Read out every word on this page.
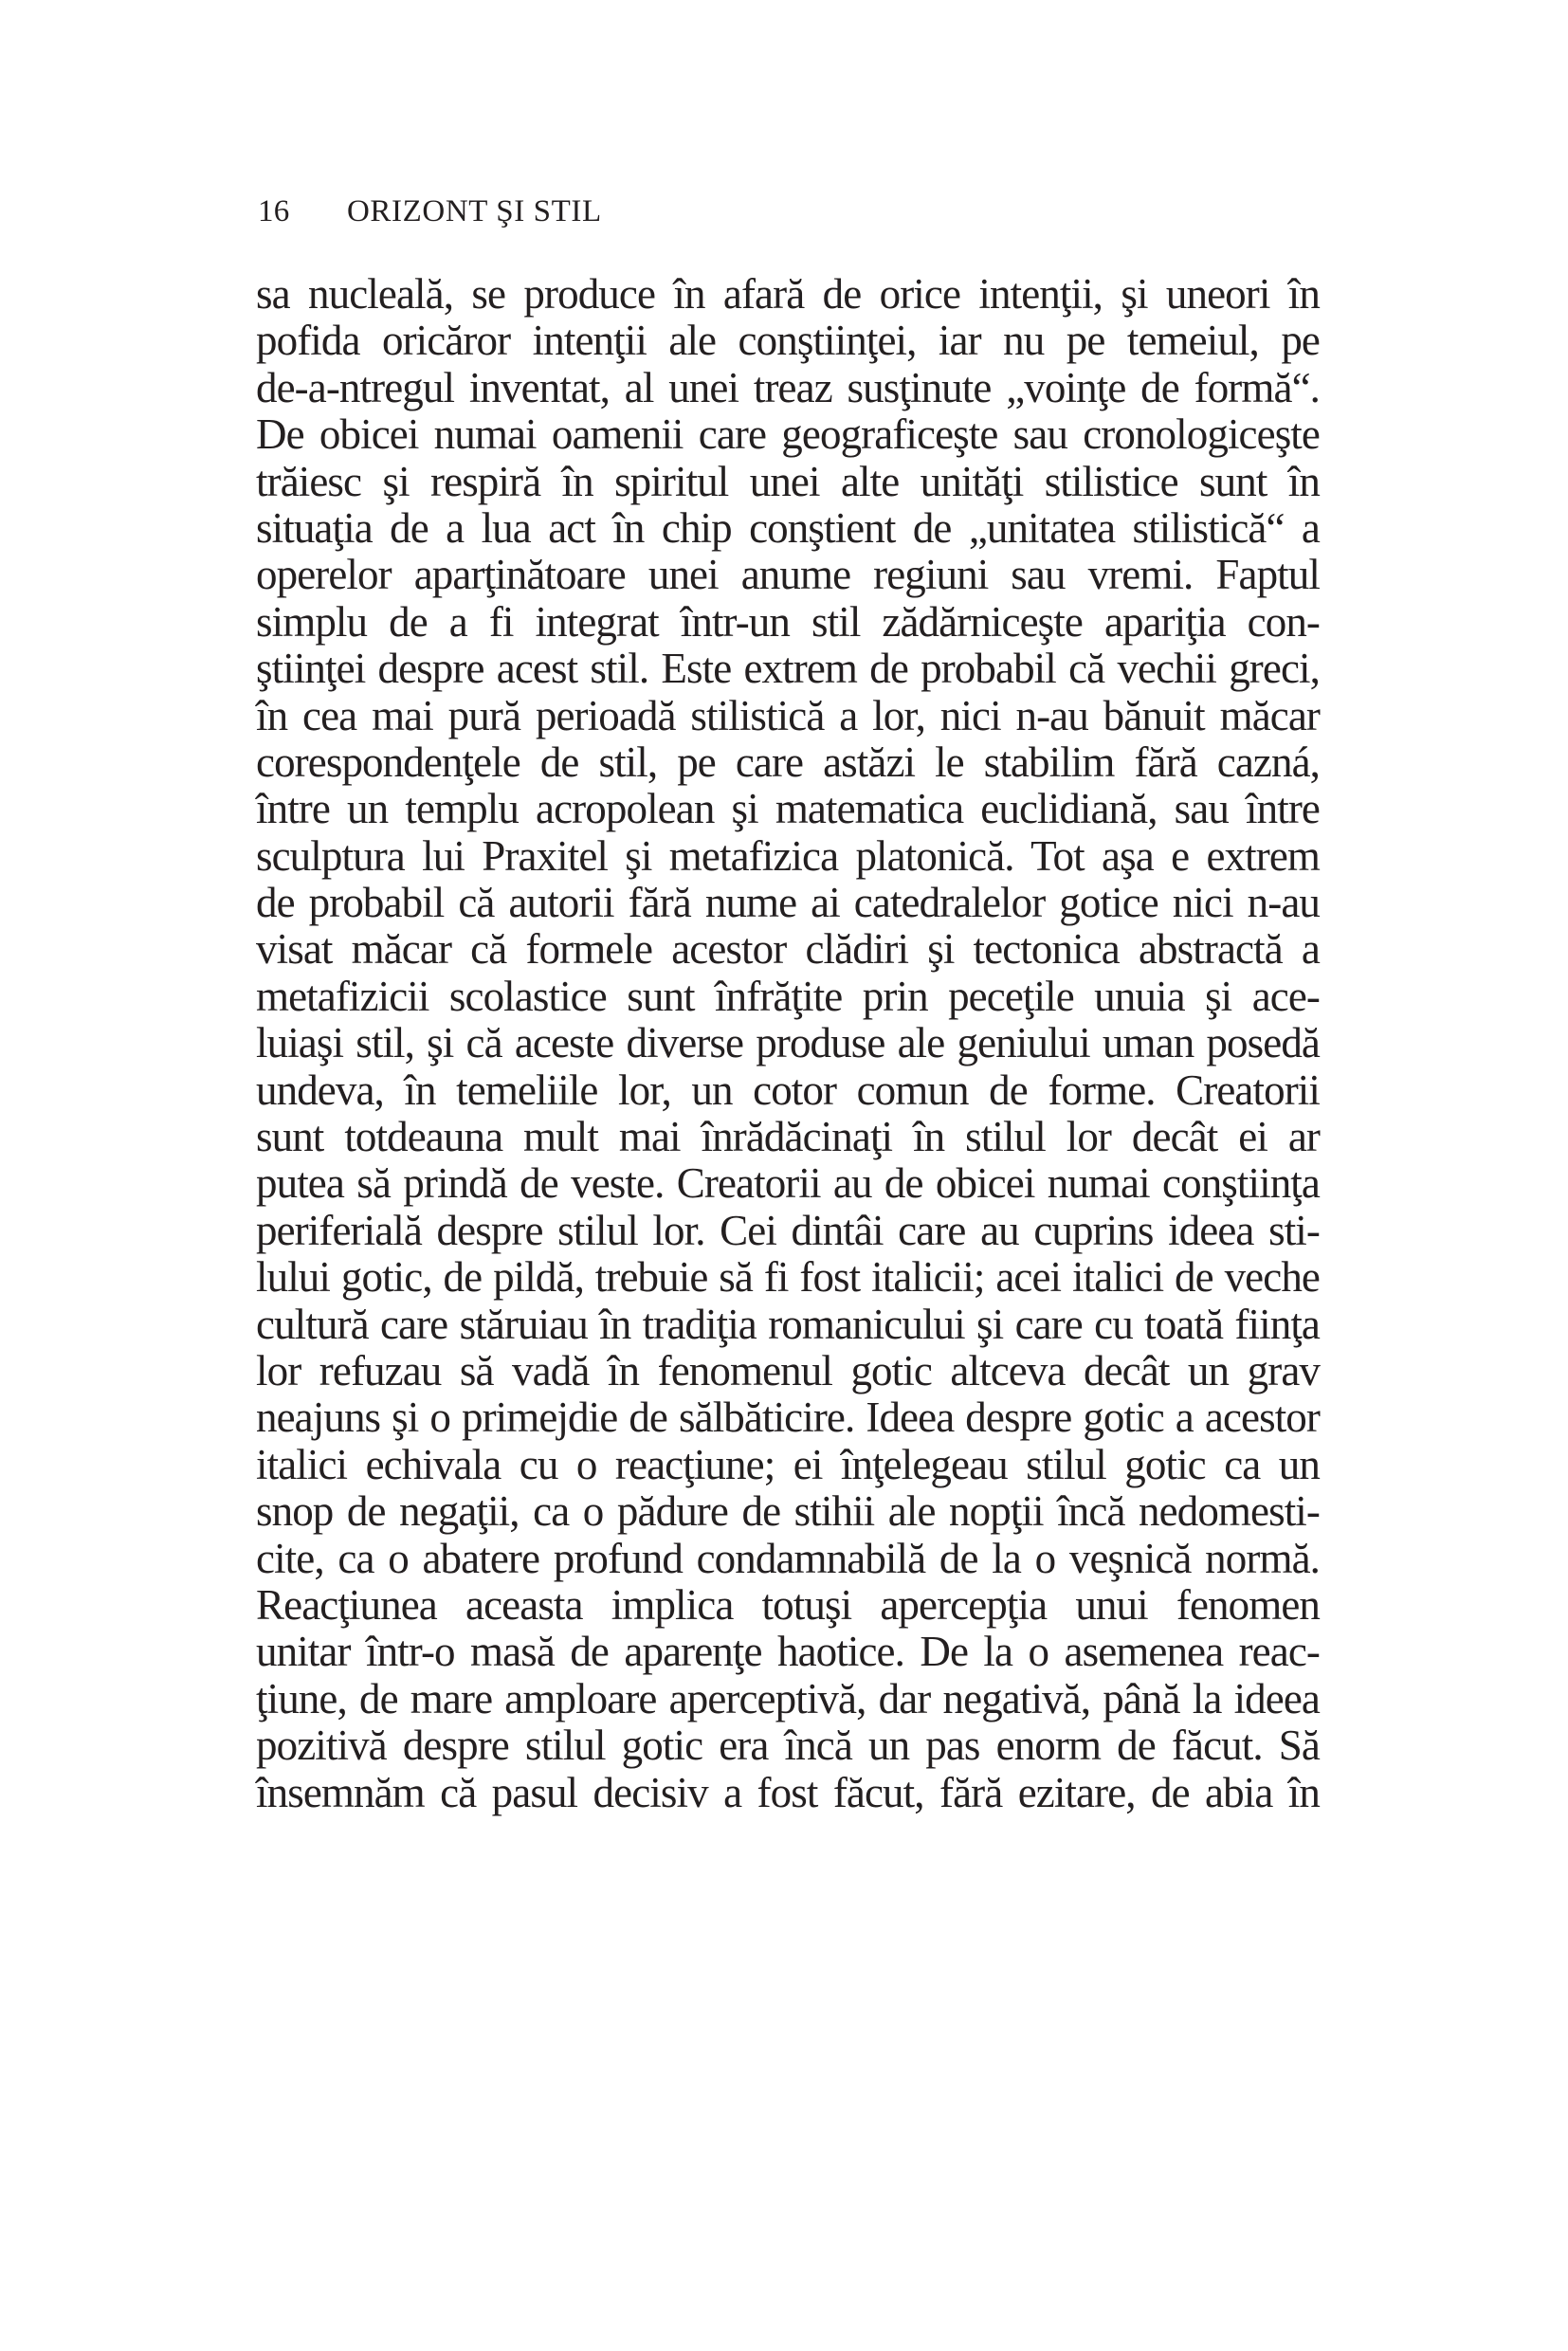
16 ORIZONT ŞI STIL
sa nucleală, se produce în afară de orice intenţii, şi uneori în
pofida oricăror intenţii ale conştiinţei, iar nu pe temeiul, pe
de-a-ntregul inventat, al unei treaz susţinute „voinţe de formă“.
De obicei numai oamenii care geograficeşte sau cronologiceşte
trăiesc şi respiră în spiritul unei alte unităţi stilistice sunt în
situaţia de a lua act în chip conştient de „unitatea stilistică“ a
operelor aparţinătoare unei anume regiuni sau vremi. Faptul
simplu de a fi integrat într-un stil zădărniceşte apariţia con-
ştiinţei despre acest stil. Este extrem de probabil că vechii greci,
în cea mai pură perioadă stilistică a lor, nici n-au bănuit măcar
corespondenţele de stil, pe care astăzi le stabilim fără cazná,
între un templu acropolean şi matematica euclidiană, sau între
sculptura lui Praxitel şi metafizica platonică. Tot aşa e extrem
de probabil că autorii fără nume ai catedralelor gotice nici n-au
visat măcar că formele acestor clădiri şi tectonica abstractă a
metafizicii scolastice sunt înfrăţite prin peceţile unuia şi ace-
luiaşi stil, şi că aceste diverse produse ale geniului uman posedă
undeva, în temeliile lor, un cotor comun de forme. Creatorii
sunt totdeauna mult mai înrădăcinaţi în stilul lor decât ei ar
putea să prindă de veste. Creatorii au de obicei numai conştiinţa
periferială despre stilul lor. Cei dintâi care au cuprins ideea sti-
lului gotic, de pildă, trebuie să fi fost italicii; acei italici de veche
cultură care stăruiau în tradiţia romanicului şi care cu toată fiinţa
lor refuzau să vadă în fenomenul gotic altceva decât un grav
neajuns şi o primejdie de sălbăticire. Ideea despre gotic a acestor
italici echivala cu o reacţiune; ei înţelegeau stilul gotic ca un
snop de negaţii, ca o pădure de stihii ale nopţii încă nedomesti-
cite, ca o abatere profund condamnabilă de la o veşnică normă.
Reacţiunea aceasta implica totuşi apercepţia unui fenomen
unitar într-o masă de aparenţe haotice. De la o asemenea reac-
ţiune, de mare amploare aperceptivă, dar negativă, până la ideea
pozitivă despre stilul gotic era încă un pas enorm de făcut. Să
însemnăm că pasul decisiv a fost făcut, fără ezitare, de abia în
